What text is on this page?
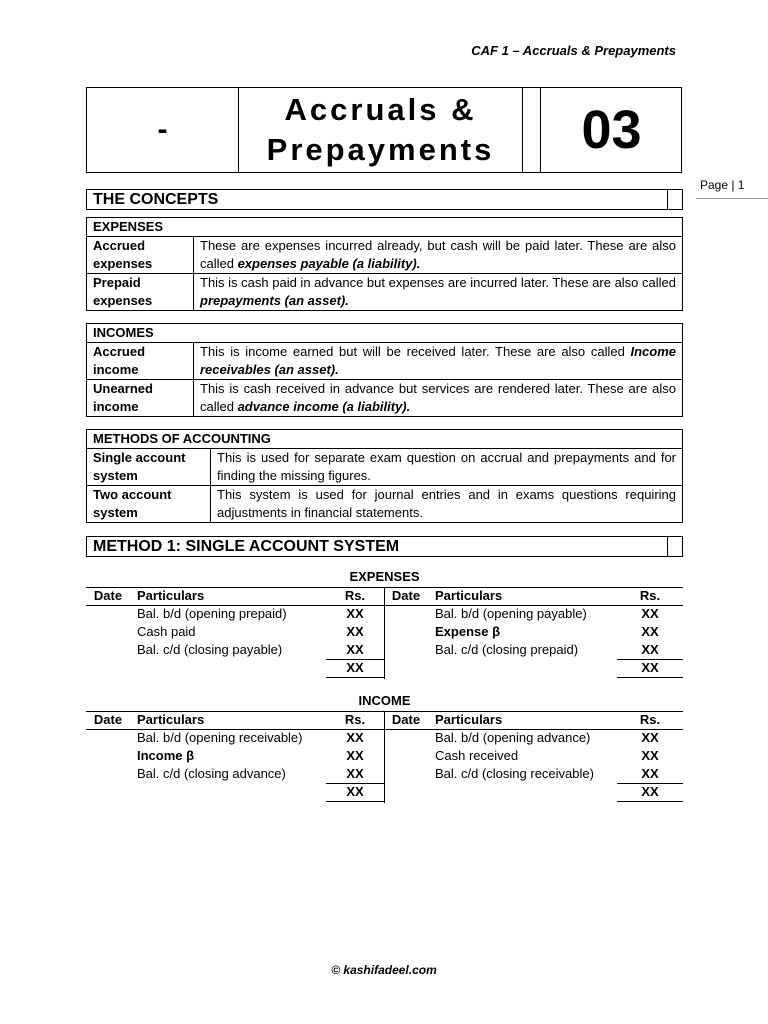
CAF 1 – Accruals & Prepayments
-
Accruals &
Prepayments	03
Page | 1
THE CONCEPTS
EXPENSES	
Accrued
expenses	These are expenses incurred already, but cash will be paid later. These are also called expenses payable (a liability).
Prepaid
expenses	This is cash paid in advance but expenses are incurred later. These are also called prepayments (an asset).
INCOMES	
Accrued
income	This is income earned but will be received later. These are also called Income receivables (an asset).
Unearned
income	This is cash received in advance but services are rendered later. These are also called advance income (a liability).
METHODS OF ACCOUNTING	
Single account
system	This is used for separate exam question on accrual and prepayments and for finding the missing figures.
Two account
system	This system is used for journal entries and in exams questions requiring adjustments in financial statements.
METHOD 1: SINGLE ACCOUNT SYSTEM
EXPENSES
Date		Particulars	Rs.	Date		Particulars	Rs.
		Bal. b/d (opening prepaid)	XX			Bal. b/d (opening payable)	XX
		Cash paid	XX			Expense β	XX
		Bal. c/d (closing payable)	XX			Bal. c/d (closing prepaid)	XX
			XX				XX
INCOME
Date		Particulars	Rs.	Date		Particulars	Rs.
		Bal. b/d (opening receivable)	XX			Bal. b/d (opening advance)	XX
		Income β	XX			Cash received	XX
		Bal. c/d (closing advance)	XX			Bal. c/d (closing receivable)	XX
			XX				XX
© kashifadeel.com
